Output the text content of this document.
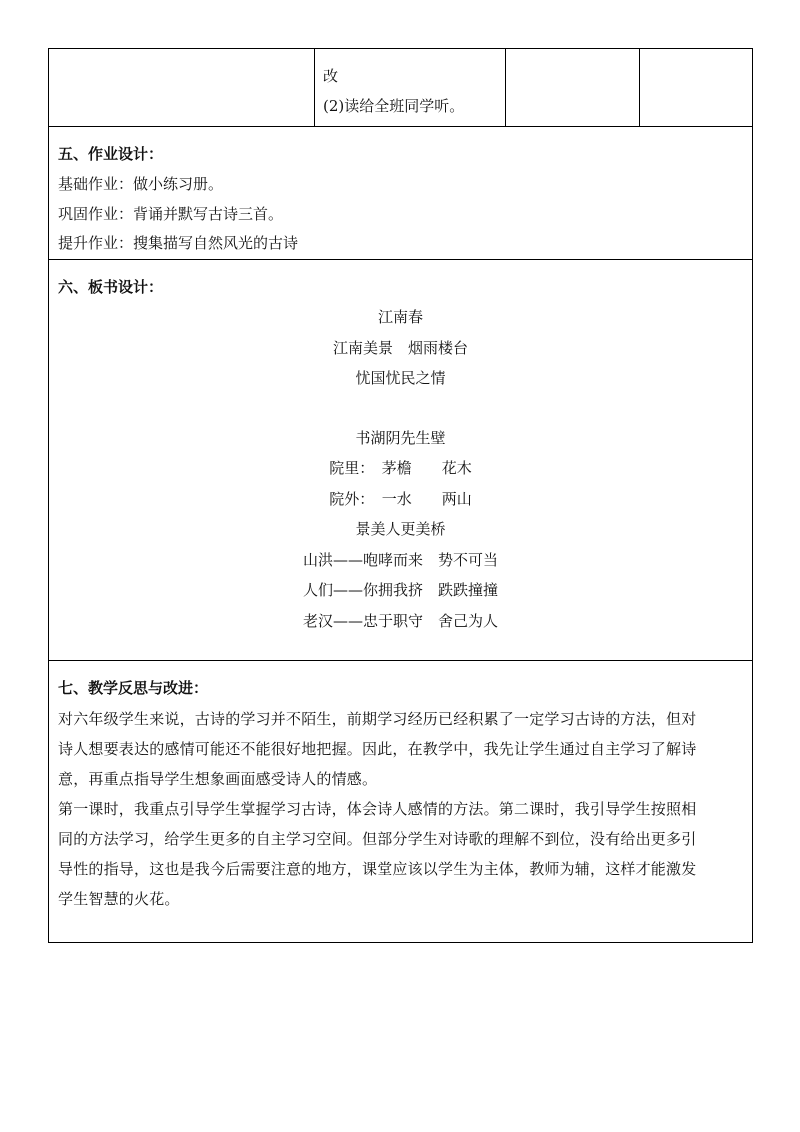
改
(2)读给全班同学听。
五、作业设计：
基础作业：做小练习册。
巩固作业：背诵并默写古诗三首。
提升作业：搜集描写自然风光的古诗
六、板书设计：
江南春
江南美景　烟雨楼台
忧国忧民之情
书湖阴先生壁
院里：　茅檐　　花木
院外：　一水　　两山
景美人更美桥
山洪——咆哮而来　势不可当
人们——你拥我挤　跌跌撞撞
老汉——忠于职守　舍己为人
七、教学反思与改进：
对六年级学生来说，古诗的学习并不陌生，前期学习经历已经积累了一定学习古诗的方法，但对
诗人想要表达的感情可能还不能很好地把握。因此，在教学中，我先让学生通过自主学习了解诗
意，再重点指导学生想象画面感受诗人的情感。
第一课时，我重点引导学生掌握学习古诗，体会诗人感情的方法。第二课时，我引导学生按照相
同的方法学习，给学生更多的自主学习空间。但部分学生对诗歌的理解不到位，没有给出更多引
导性的指导，这也是我今后需要注意的地方，课堂应该以学生为主体，教师为辅，这样才能激发
学生智慧的火花。
